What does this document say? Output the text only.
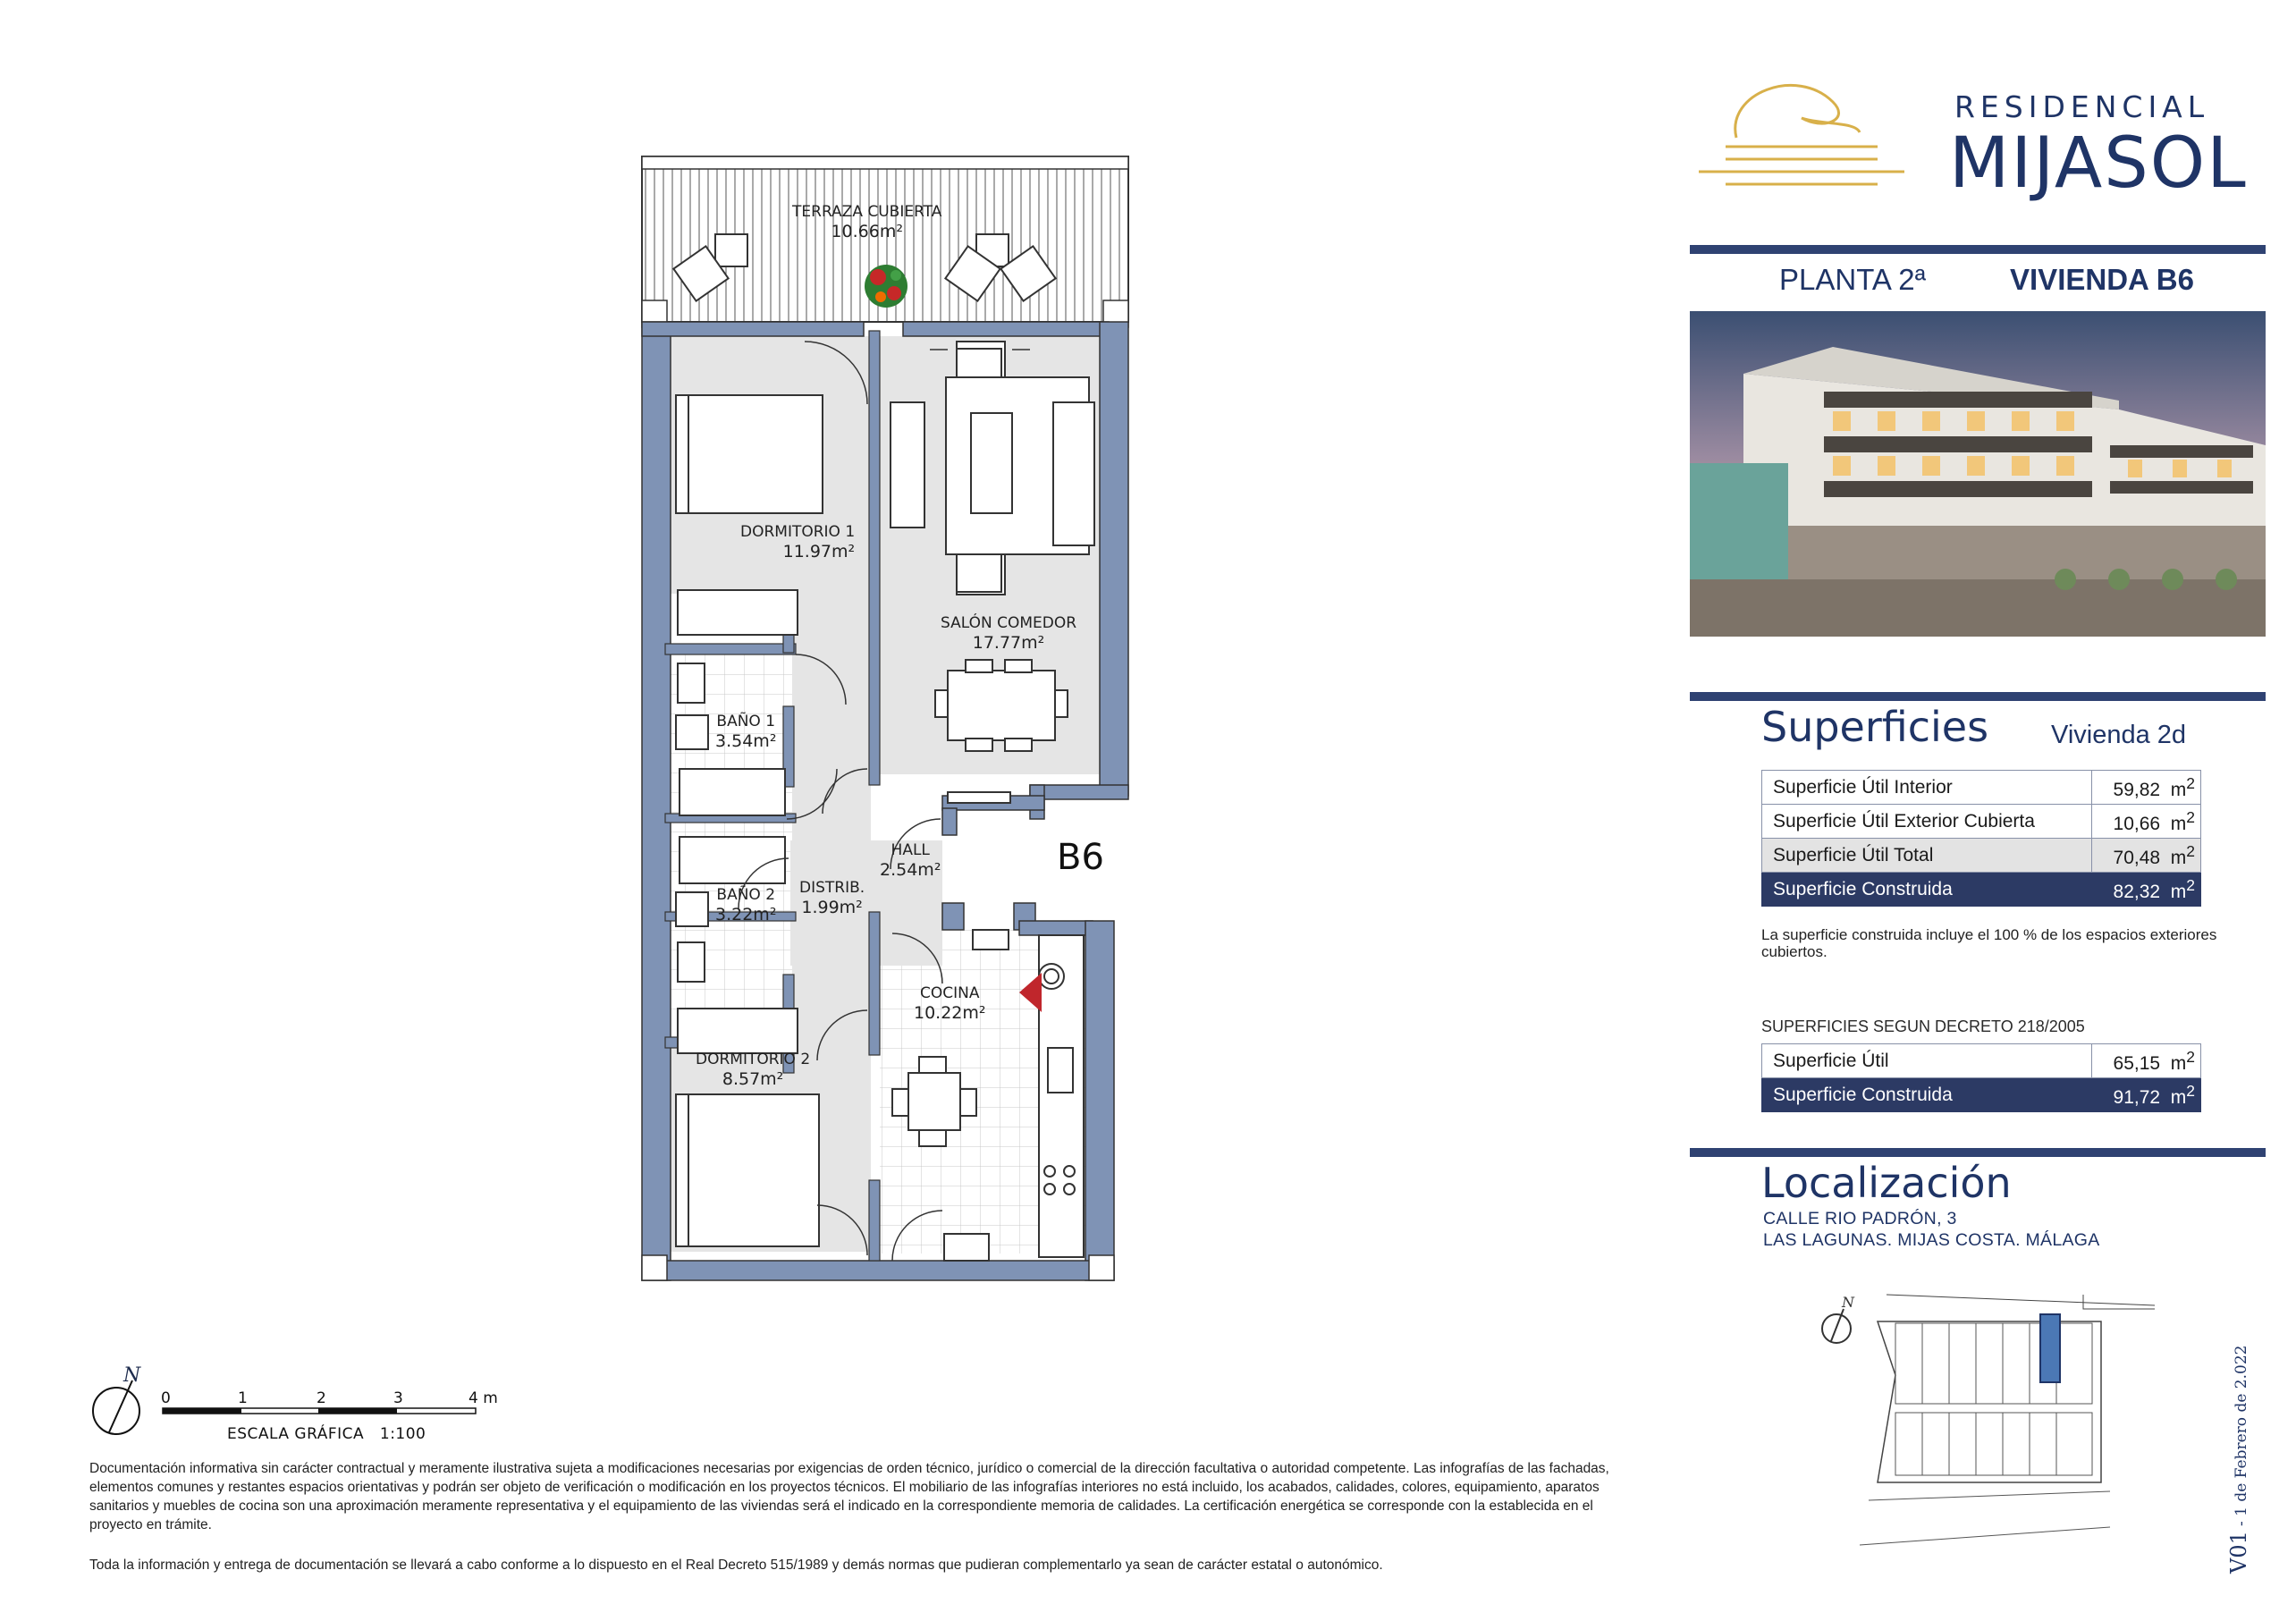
TERRAZA CUBIERTA
10.66m²
DORMITORIO 1
11.97m²
SALÓN COMEDOR
17.77m²
BAÑO 1
3.54m²
HALL
2.54m²
DISTRIB.
1.99m²
BAÑO 2
3.22m²
COCINA
10.22m²
DORMITORIO 2
8.57m²
B6
N
0	1	2	3	4 m
ESCALA GRÁFICA 1:100
Documentación informativa sin carácter contractual y meramente ilustrativa sujeta a modificaciones necesarias por exigencias de orden técnico, jurídico o comercial de la dirección facultativa o autoridad competente. Las infografías de las fachadas, elementos comunes y restantes espacios orientativas y podrán ser objeto de verificación o modificación en los proyectos técnicos. El mobiliario de las infografías interiores no está incluido, los acabados, calidades, colores, equipamiento, aparatos sanitarios y muebles de cocina son una aproximación meramente representativa y el equipamiento de las viviendas será el indicado en la correspondiente memoria de calidades. La certificación energética se corresponde con la establecida en el proyecto en trámite.
Toda la información y entrega de documentación se llevará a cabo conforme a lo dispuesto en el Real Decreto 515/1989 y demás normas que pudieran complementarlo ya sean de carácter estatal o autonómico.
RESIDENCIAL
MIJASOL
PLANTA 2ª	VIVIENDA B6
Superficies Vivienda 2d
Superficie Útil Interior	59,82 $m^2$
Superficie Útil Exterior Cubierta	10,66 $m^2$
Superficie Útil Total	70,48 $m^2$
Superficie Construida	82,32 $m^2$
La superficie construida incluye el 100 % de los espacios exteriores cubiertos.
SUPERFICIES SEGUN DECRETO 218/2005
Superficie Útil	65,15 $m^2$
Superficie Construida	91,72 $m^2$
Localización
CALLE RIO PADRÓN, 3
LAS LAGUNAS. MIJAS COSTA. MÁLAGA
N
V01 - 1 de Febrero de 2.022
